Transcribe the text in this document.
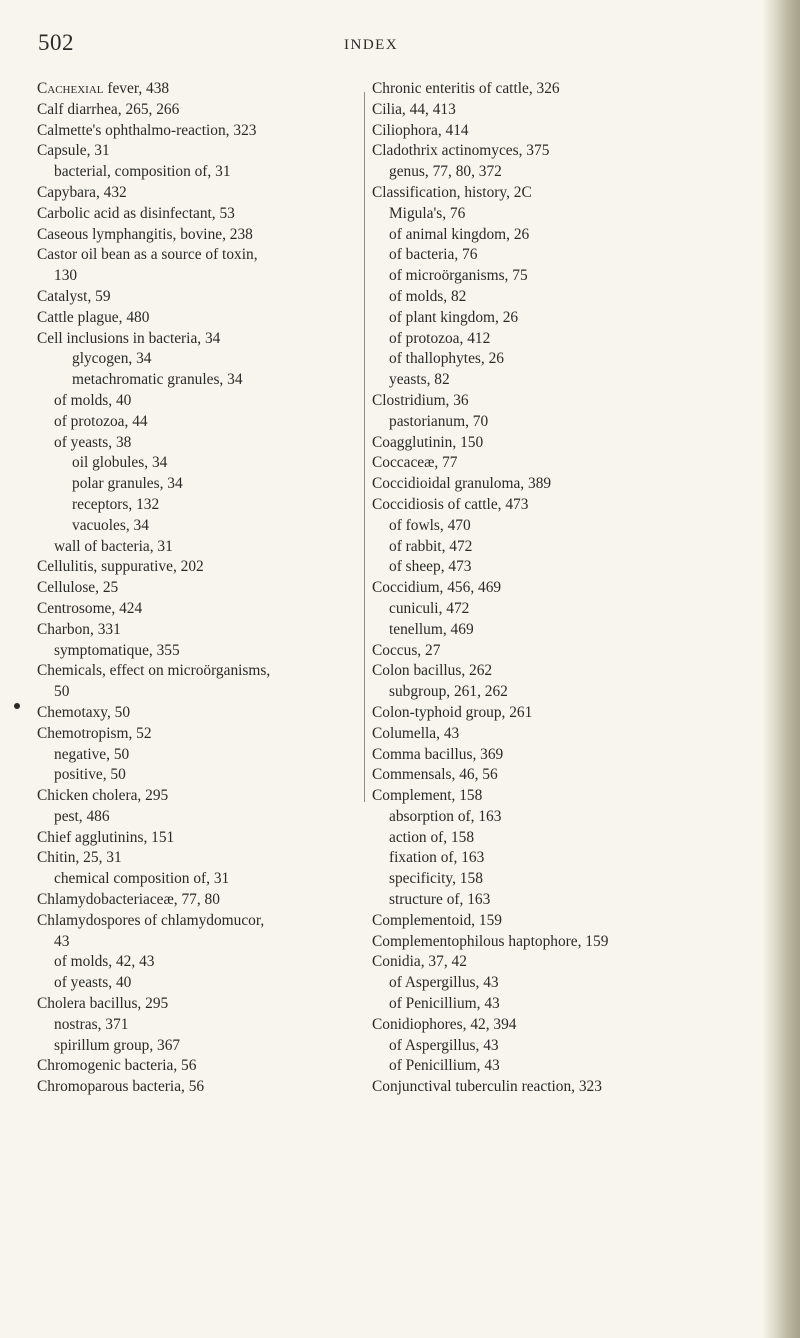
502	INDEX
Cachexial fever, 438
Calf diarrhea, 265, 266
Calmette's ophthalmo-reaction, 323
Capsule, 31
bacterial, composition of, 31
Capybara, 432
Carbolic acid as disinfectant, 53
Caseous lymphangitis, bovine, 238
Castor oil bean as a source of toxin,
130
Catalyst, 59
Cattle plague, 480
Cell inclusions in bacteria, 34
glycogen, 34
metachromatic granules, 34
of molds, 40
of protozoa, 44
of yeasts, 38
oil globules, 34
polar granules, 34
receptors, 132
vacuoles, 34
wall of bacteria, 31
Cellulitis, suppurative, 202
Cellulose, 25
Centrosome, 424
Charbon, 331
symptomatique, 355
Chemicals, effect on microörganisms,
50
Chemotaxy, 50
Chemotropism, 52
negative, 50
positive, 50
Chicken cholera, 295
pest, 486
Chief agglutinins, 151
Chitin, 25, 31
chemical composition of, 31
Chlamydobacteriaceæ, 77, 80
Chlamydospores of chlamydomucor,
43
of molds, 42, 43
of yeasts, 40
Cholera bacillus, 295
nostras, 371
spirillum group, 367
Chromogenic bacteria, 56
Chromoparous bacteria, 56
Chronic enteritis of cattle, 326
Cilia, 44, 413
Ciliophora, 414
Cladothrix actinomyces, 375
genus, 77, 80, 372
Classification, history, 2C
Migula's, 76
of animal kingdom, 26
of bacteria, 76
of microörganisms, 75
of molds, 82
of plant kingdom, 26
of protozoa, 412
of thallophytes, 26
yeasts, 82
Clostridium, 36
pastorianum, 70
Coagglutinin, 150
Coccaceæ, 77
Coccidioidal granuloma, 389
Coccidiosis of cattle, 473
of fowls, 470
of rabbit, 472
of sheep, 473
Coccidium, 456, 469
cuniculi, 472
tenellum, 469
Coccus, 27
Colon bacillus, 262
subgroup, 261, 262
Colon-typhoid group, 261
Columella, 43
Comma bacillus, 369
Commensals, 46, 56
Complement, 158
absorption of, 163
action of, 158
fixation of, 163
specificity, 158
structure of, 163
Complementoid, 159
Complementophilous haptophore, 159
Conidia, 37, 42
of Aspergillus, 43
of Penicillium, 43
Conidiophores, 42, 394
of Aspergillus, 43
of Penicillium, 43
Conjunctival tuberculin reaction, 323
